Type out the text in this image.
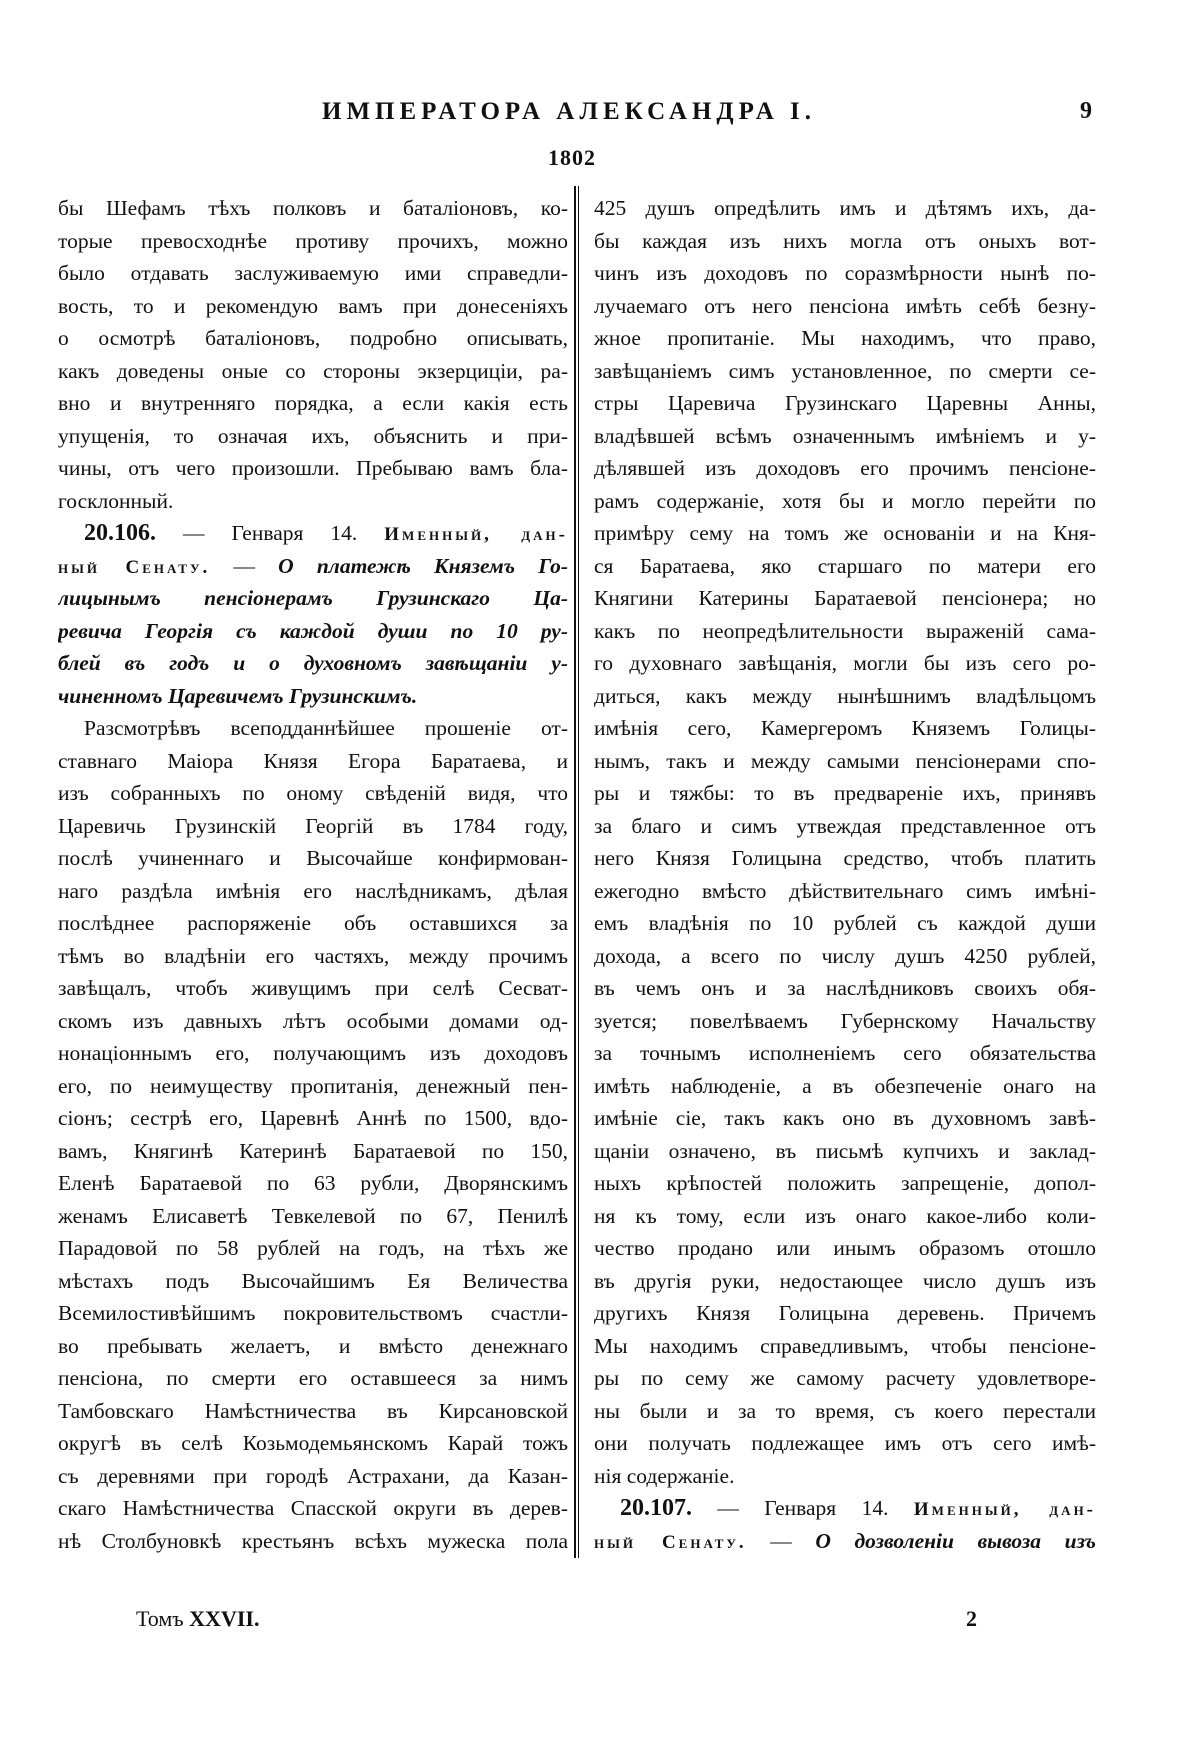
ИМПЕРАТОРА АЛЕКСАНДРА I.	9
1802
бы Шефамъ тѣхъ полковъ и баталіоновъ, ко-
торые превосходнѣе противу прочихъ, можно
было отдавать заслуживаемую ими справедли-
вость, то и рекомендую вамъ при донесеніяхъ
о осмотрѣ баталіоновъ, подробно описывать,
какъ доведены оные со стороны экзерциціи, ра-
вно и внутренняго порядка, а если какія есть
упущенія, то означая ихъ, объяснить и при-
чины, отъ чего произошли. Пребываю вамъ бла-
госклонный.
20.106. — Генваря 14. Именный, дан-
ный Сенату. — О платежѣ Княземъ Го-
лицынымъ пенсіонерамъ Грузинскаго Ца-
ревича Георгія съ каждой души по 10 ру-
блей въ годъ и о духовномъ завѣщаніи у-
чиненномъ Царевичемъ Грузинскимъ.
Разсмотрѣвъ всеподданнѣйшее прошеніе от-
ставнаго Маіора Князя Егора Баратаева, и
изъ собранныхъ по оному свѣденій видя, что
Царевичь Грузинскій Георгій въ 1784 году,
послѣ учиненнаго и Высочайше конфирмован-
наго раздѣла имѣнія его наслѣдникамъ, дѣлая
послѣднее распоряженіе объ оставшихся за
тѣмъ во владѣніи его частяхъ, между прочимъ
завѣщалъ, чтобъ живущимъ при селѣ Сесват-
скомъ изъ давныхъ лѣтъ особыми домами од-
нонаціоннымъ его, получающимъ изъ доходовъ
его, по неимуществу пропитанія, денежный пен-
сіонъ; сестрѣ его, Царевнѣ Аннѣ по 1500, вдо-
вамъ, Княгинѣ Катеринѣ Баратаевой по 150,
Еленѣ Баратаевой по 63 рубли, Дворянскимъ
женамъ Елисаветѣ Тевкелевой по 67, Пенилѣ
Парадовой по 58 рублей на годъ, на тѣхъ же
мѣстахъ подъ Высочайшимъ Ея Величества
Всемилостивѣйшимъ покровительствомъ счастли-
во пребывать желаетъ, и вмѣсто денежнаго
пенсіона, по смерти его оставшееся за нимъ
Тамбовскаго Намѣстничества въ Кирсановской
округѣ въ селѣ Козьмодемьянскомъ Карай тожъ
съ деревнями при городѣ Астрахани, да Казан-
скаго Намѣстничества Спасской округи въ дерев-
нѣ Столбуновкѣ крестьянъ всѣхъ мужеска пола
425 душъ опредѣлить имъ и дѣтямъ ихъ, да-
бы каждая изъ нихъ могла отъ оныхъ вот-
чинъ изъ доходовъ по соразмѣрности нынѣ по-
лучаемаго отъ него пенсіона имѣть себѣ безну-
жное пропитаніе. Мы находимъ, что право,
завѣщаніемъ симъ установленное, по смерти се-
стры Царевича Грузинскаго Царевны Анны,
владѣвшей всѣмъ означеннымъ имѣніемъ и у-
дѣлявшей изъ доходовъ его прочимъ пенсіоне-
рамъ содержаніе, хотя бы и могло перейти по
примѣру сему на томъ же основаніи и на Кня-
ся Баратаева, яко старшаго по матери его
Княгини Катерины Баратаевой пенсіонера; но
какъ по неопредѣлительности выраженій сама-
го духовнаго завѣщанія, могли бы изъ сего ро-
диться, какъ между нынѣшнимъ владѣльцомъ
имѣнія сего, Камергеромъ Княземъ Голицы-
нымъ, такъ и между самыми пенсіонерами спо-
ры и тяжбы: то въ предвареніе ихъ, принявъ
за благо и симъ утвеждая представленное отъ
него Князя Голицына средство, чтобъ платить
ежегодно вмѣсто дѣйствительнаго симъ имѣні-
емъ владѣнія по 10 рублей съ каждой души
дохода, а всего по числу душъ 4250 рублей,
въ чемъ онъ и за наслѣдниковъ своихъ обя-
зуется; повелѣваемъ Губернскому Начальству
за точнымъ исполненіемъ сего обязательства
имѣть наблюденіе, а въ обезпеченіе онаго на
имѣніе сіе, такъ какъ оно въ духовномъ завѣ-
щаніи означено, въ письмѣ купчихъ и заклад-
ныхъ крѣпостей положить запрещеніе, допол-
ня къ тому, если изъ онаго какое-либо коли-
чество продано или инымъ образомъ отошло
въ другія руки, недостающее число душъ изъ
другихъ Князя Голицына деревень. Причемъ
Мы находимъ справедливымъ, чтобы пенсіоне-
ры по сему же самому расчету удовлетворе-
ны были и за то время, съ коего перестали
они получать подлежащее имъ отъ сего имѣ-
нія содержаніе.
20.107. — Генваря 14. Именный, дан-
ный Сенату. — О дозволеніи вывоза изъ
Томъ XXVII.	2
